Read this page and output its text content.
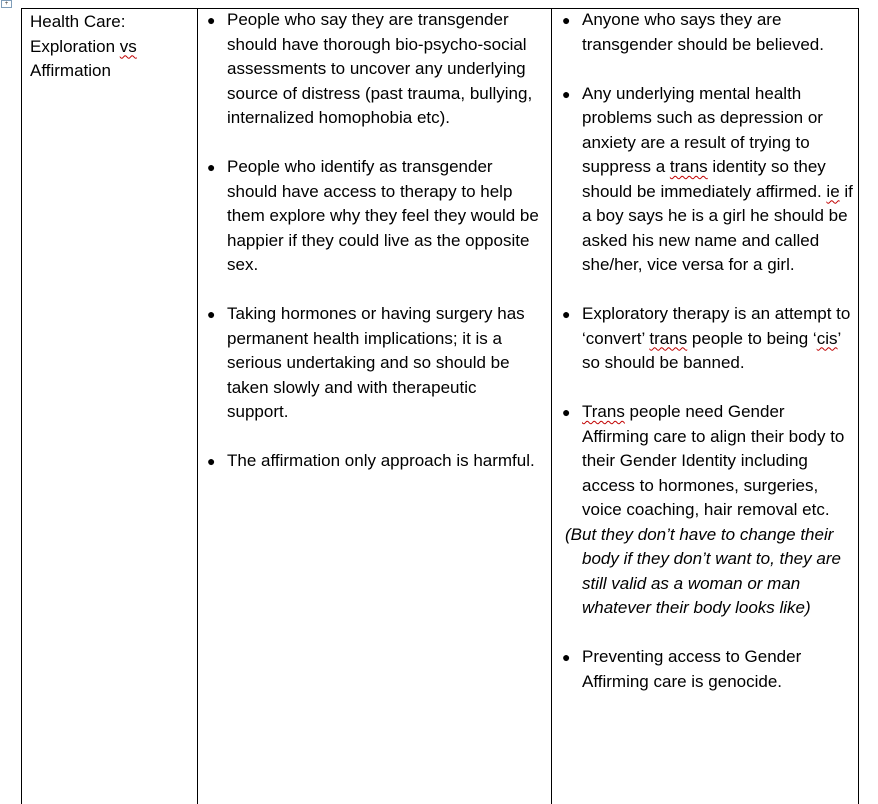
+
Health Care:
Exploration vs
Affirmation
● People who say they are transgender should have thorough bio-psycho-social assessments to uncover any underlying source of distress (past trauma, bullying, internalized homophobia etc).
● People who identify as transgender should have access to therapy to help them explore why they feel they would be happier if they could live as the opposite sex.
● Taking hormones or having surgery has permanent health implications; it is a serious undertaking and so should be taken slowly and with therapeutic support.
● The affirmation only approach is harmful.
● Anyone who says they are transgender should be believed.
● Any underlying mental health problems such as depression or anxiety are a result of trying to suppress a trans identity so they should be immediately affirmed. ie if a boy says he is a girl he should be asked his new name and called she/her, vice versa for a girl.
● Exploratory therapy is an attempt to ‘convert’ trans people to being ‘cis’ so should be banned.
● Trans people need Gender Affirming care to align their body to their Gender Identity including access to hormones, surgeries, voice coaching, hair removal etc.
(But they don’t have to change their body if they don’t want to, they are still valid as a woman or man whatever their body looks like)
● Preventing access to Gender Affirming care is genocide.
